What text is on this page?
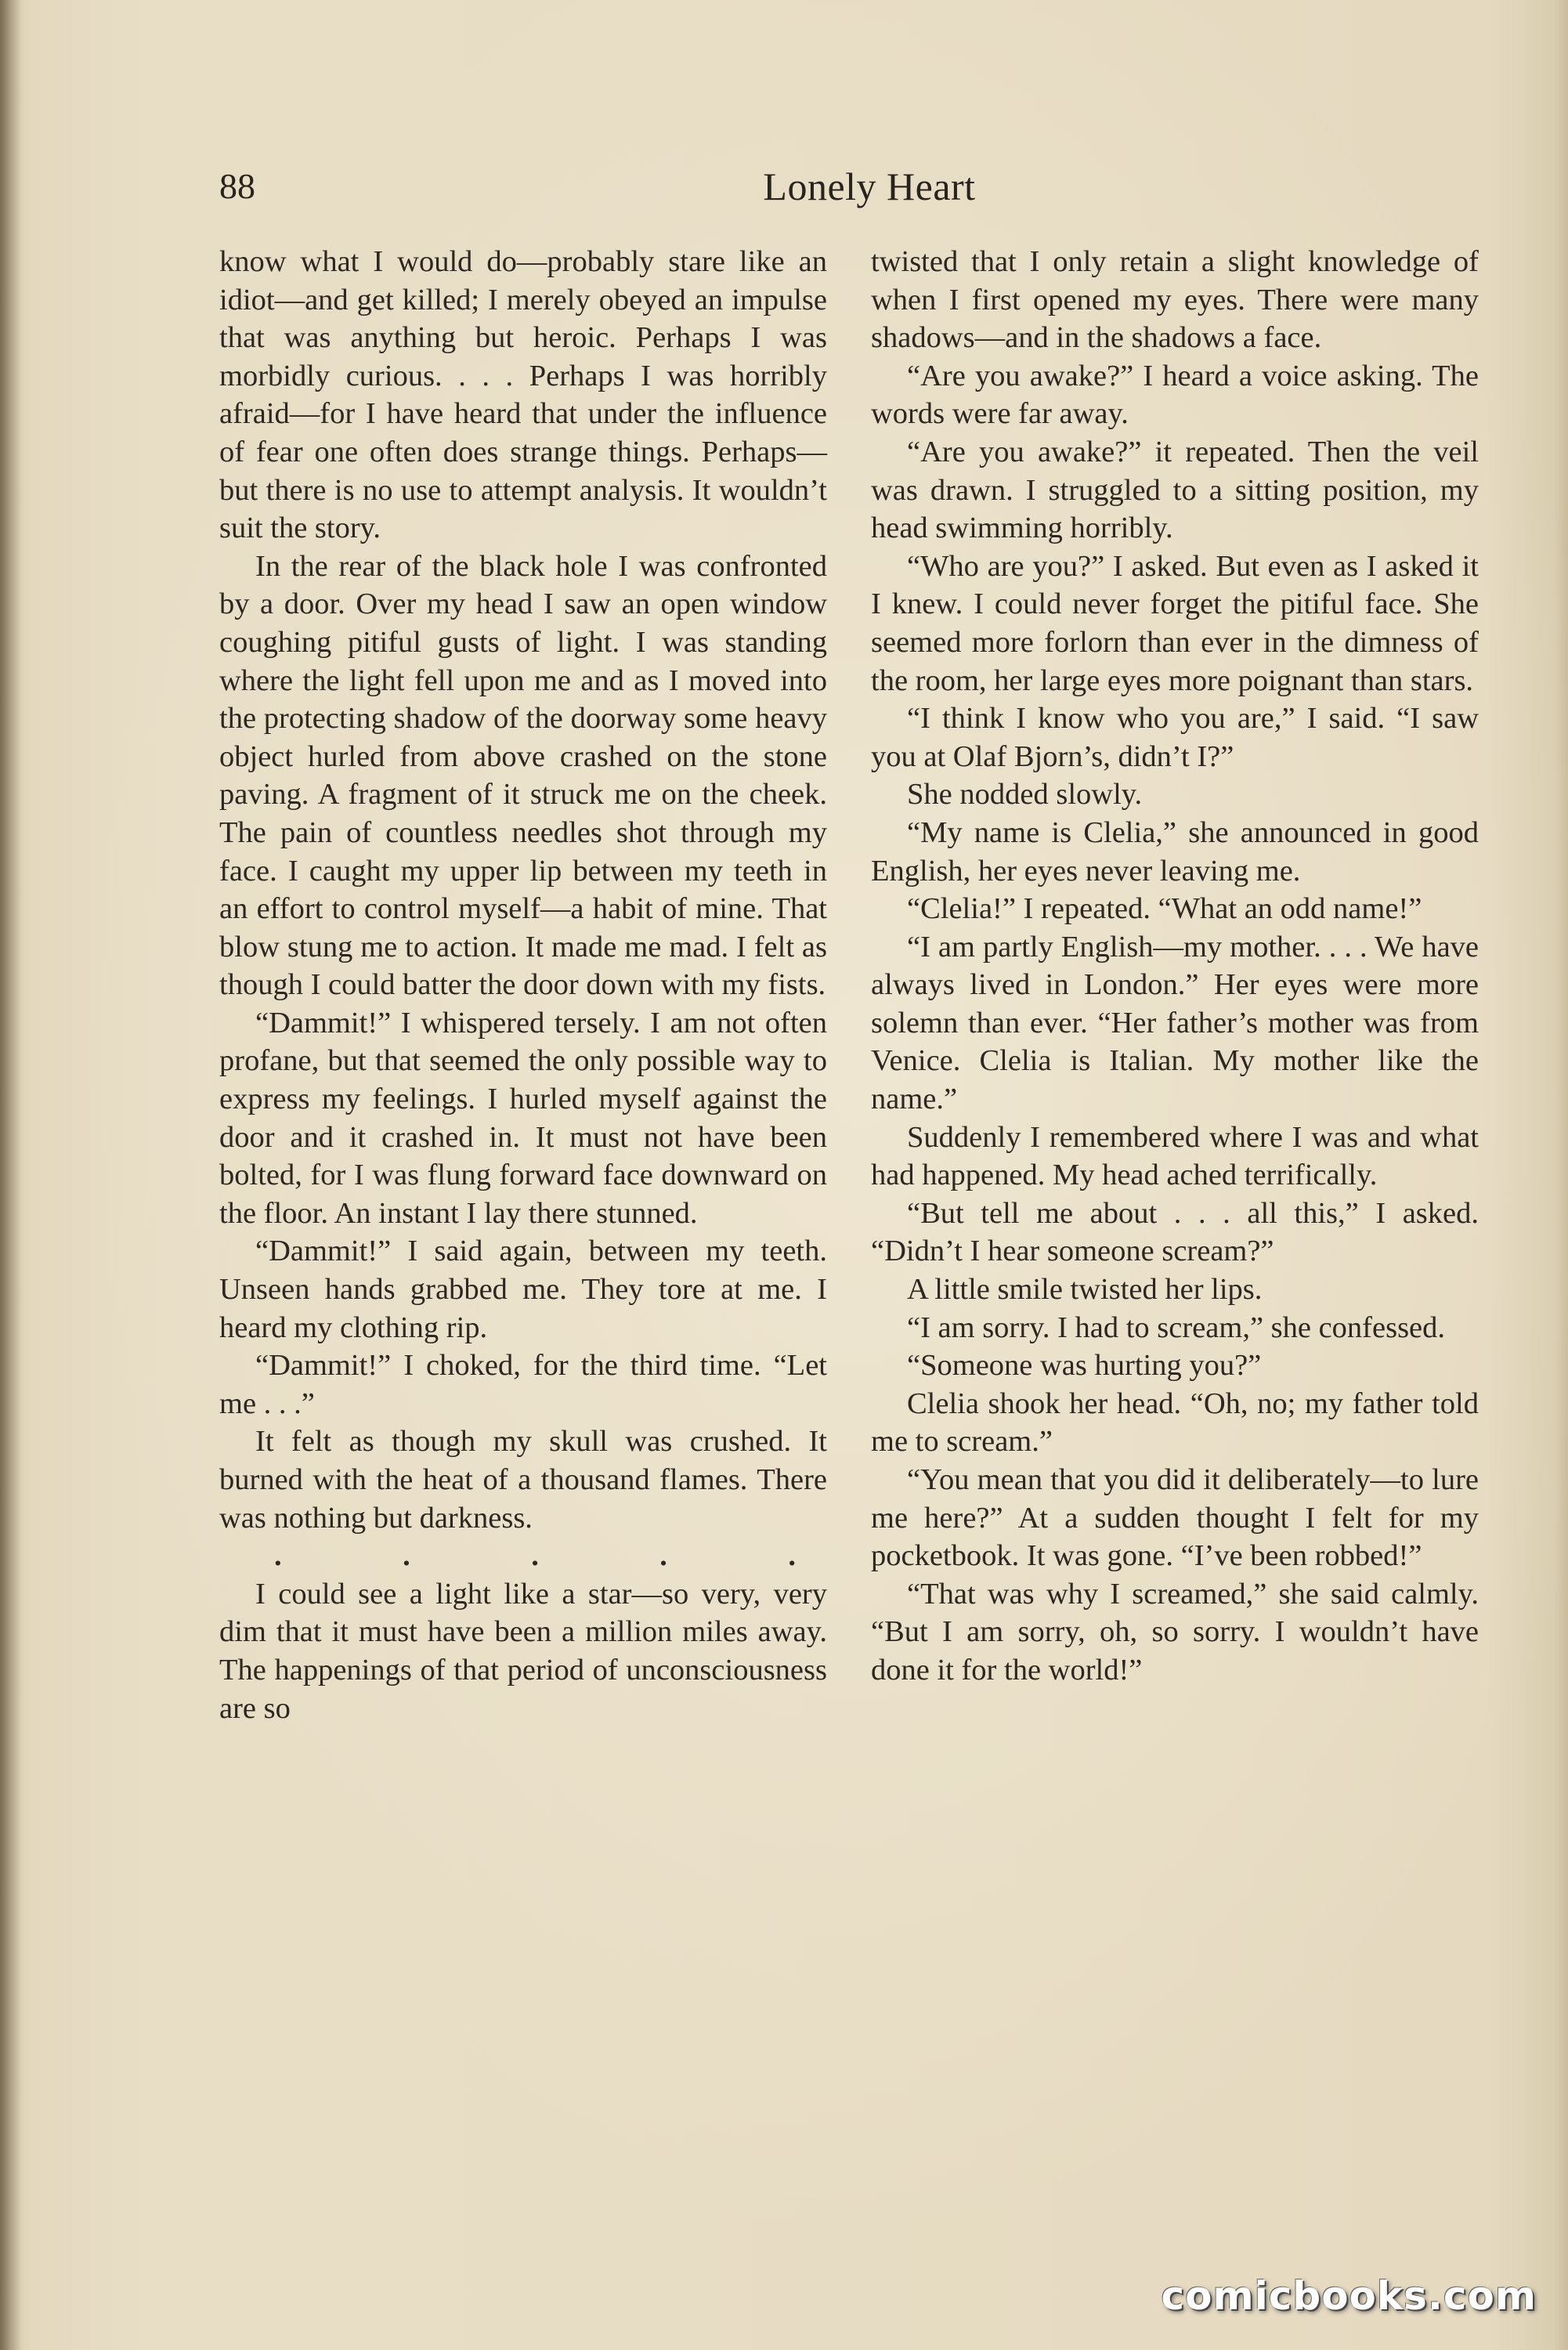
88	Lonely Heart

know what I would do—probably stare like an idiot—and get killed; I merely obeyed an impulse that was anything but heroic. Perhaps I was morbidly curious. . . . Perhaps I was horribly afraid—for I have heard that under the influence of fear one often does strange things. Perhaps—but there is no use to attempt analysis. It wouldn’t suit the story.

In the rear of the black hole I was confronted by a door. Over my head I saw an open window coughing pitiful gusts of light. I was standing where the light fell upon me and as I moved into the protecting shadow of the doorway some heavy object hurled from above crashed on the stone paving. A fragment of it struck me on the cheek. The pain of countless needles shot through my face. I caught my upper lip between my teeth in an effort to control myself—a habit of mine. That blow stung me to action. It made me mad. I felt as though I could batter the door down with my fists.

“Dammit!” I whispered tersely. I am not often profane, but that seemed the only possible way to express my feelings. I hurled myself against the door and it crashed in. It must not have been bolted, for I was flung forward face downward on the floor. An instant I lay there stunned.

“Dammit!” I said again, between my teeth. Unseen hands grabbed me. They tore at me. I heard my clothing rip.

“Dammit!” I choked, for the third time. “Let me . . .”

It felt as though my skull was crushed. It burned with the heat of a thousand flames. There was nothing but darkness.

.	.	.	.	.

I could see a light like a star—so very, very dim that it must have been a million miles away. The happenings of that period of unconsciousness are so

twisted that I only retain a slight knowledge of when I first opened my eyes. There were many shadows—and in the shadows a face.

“Are you awake?” I heard a voice asking. The words were far away.

“Are you awake?” it repeated. Then the veil was drawn. I struggled to a sitting position, my head swimming horribly.

“Who are you?” I asked. But even as I asked it I knew. I could never forget the pitiful face. She seemed more forlorn than ever in the dimness of the room, her large eyes more poignant than stars.

“I think I know who you are,” I said. “I saw you at Olaf Bjorn’s, didn’t I?”

She nodded slowly.

“My name is Clelia,” she announced in good English, her eyes never leaving me.

“Clelia!” I repeated. “What an odd name!”

“I am partly English—my mother. . . . We have always lived in London.” Her eyes were more solemn than ever. “Her father’s mother was from Venice. Clelia is Italian. My mother like the name.”

Suddenly I remembered where I was and what had happened. My head ached terrifically.

“But tell me about . . . all this,” I asked. “Didn’t I hear someone scream?”

A little smile twisted her lips.

“I am sorry. I had to scream,” she confessed.

“Someone was hurting you?”

Clelia shook her head. “Oh, no; my father told me to scream.”

“You mean that you did it deliberately—to lure me here?” At a sudden thought I felt for my pocketbook. It was gone. “I’ve been robbed!”

“That was why I screamed,” she said calmly. “But I am sorry, oh, so sorry. I wouldn’t have done it for the world!”

comicbooks.com
